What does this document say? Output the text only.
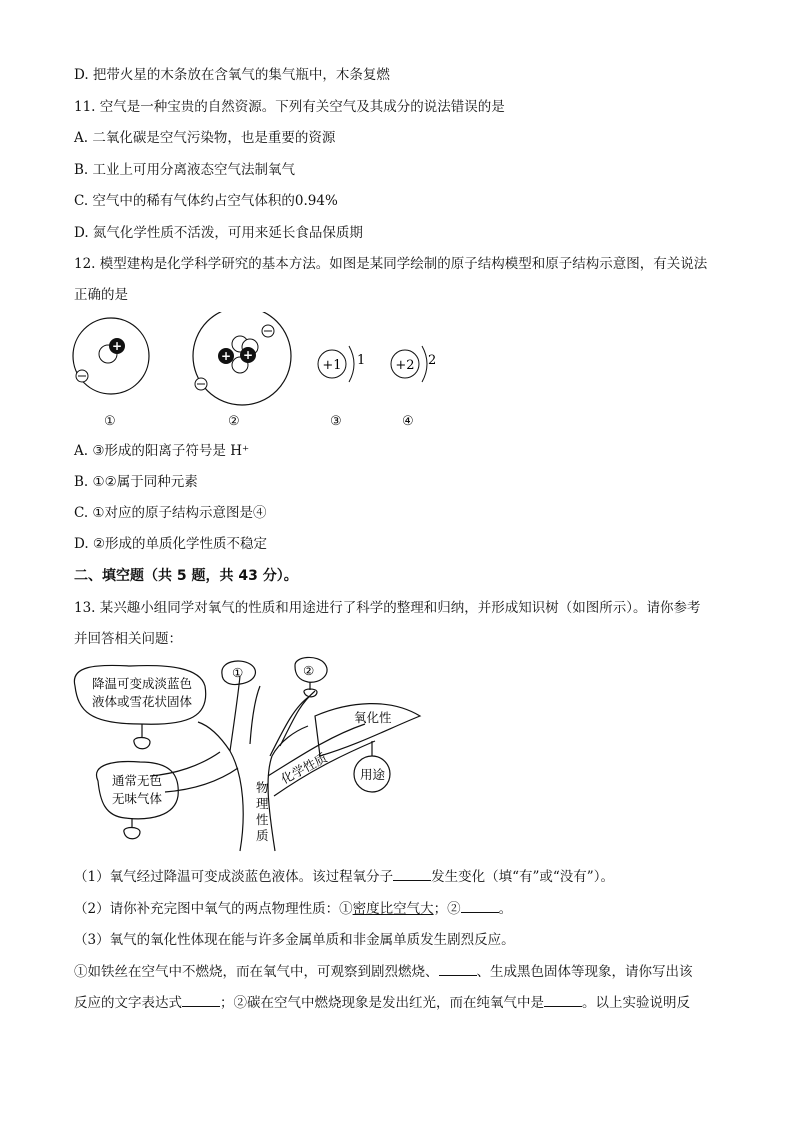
D. 把带火星的木条放在含氧气的集气瓶中，木条复燃
11. 空气是一种宝贵的自然资源。下列有关空气及其成分的说法错误的是
A. 二氧化碳是空气污染物，也是重要的资源
B. 工业上可用分离液态空气法制氧气
C. 空气中的稀有气体约占空气体积的0.94%
D. 氮气化学性质不活泼，可用来延长食品保质期
12. 模型建构是化学科学研究的基本方法。如图是某同学绘制的原子结构模型和原子结构示意图，有关说法
正确的是
+
+ +
+1 1 +2 2
①	②	③	④
A. ③形成的阳离子符号是 H⁺
B. ①②属于同种元素
C. ①对应的原子结构示意图是④
D. ②形成的单质化学性质不稳定
二、填空题（共 5 题，共 43 分）。
13. 某兴趣小组同学对氧气的性质和用途进行了科学的整理和归纳，并形成知识树（如图所示）。请你参考
并回答相关问题：
①	②
降温可变成淡蓝色
液体或雪花状固体
通常无色
无味气体
氧化性
用途
化学性质
物
理
性
质
（1）氧气经过降温可变成淡蓝色液体。该过程氧分子	发生变化（填“有”或“没有”）。
（2）请你补充完图中氧气的两点物理性质：①密度比空气大；②	。
（3）氧气的氧化性体现在能与许多金属单质和非金属单质发生剧烈反应。
①如铁丝在空气中不燃烧，而在氧气中，可观察到剧烈燃烧、	、生成黑色固体等现象，请你写出该
反应的文字表达式	；②碳在空气中燃烧现象是发出红光，而在纯氧气中是	。以上实验说明反
